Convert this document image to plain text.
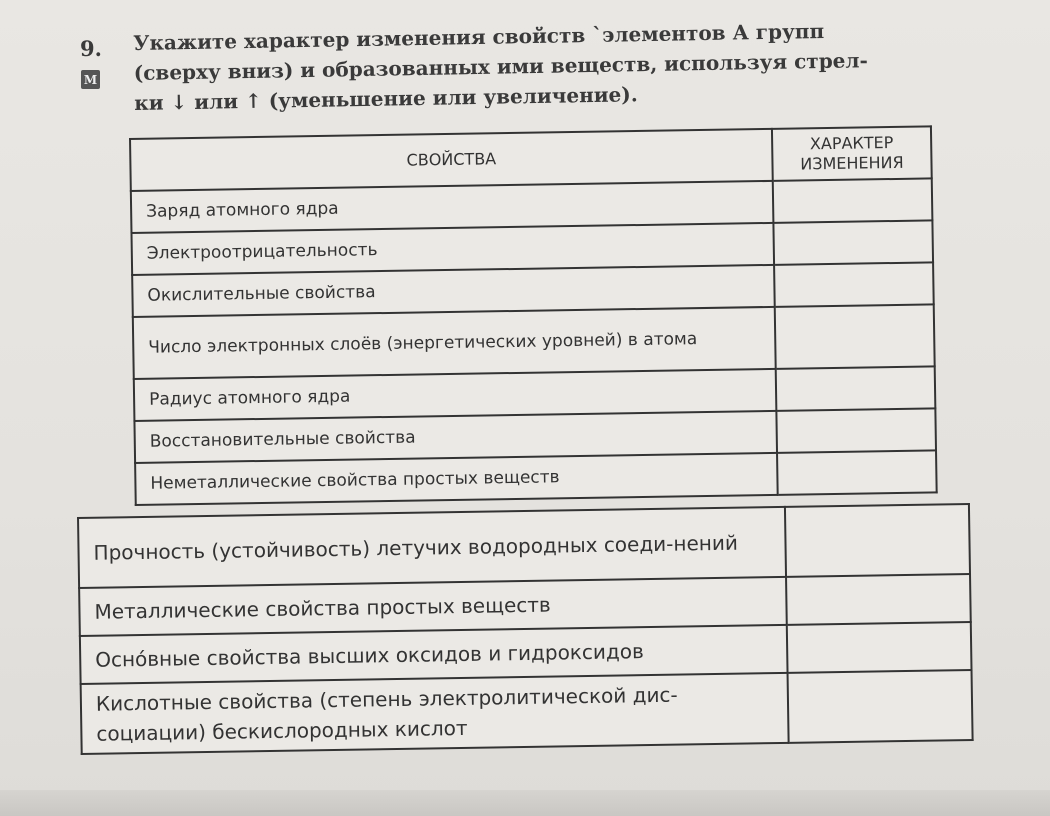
9.
М
Укажите характер изменения свойств `элементов А групп
(сверху вниз) и образованных ими веществ, используя стрел-
ки ↓ или ↑ (уменьшение или увеличение).
СВОЙСТВА	ХАРАКТЕР ИЗМЕНЕНИЯ
Заряд атомного ядра	
Электроотрицательность	
Окислительные свойства	
Число электронных слоёв (энергетических уровней) в атома	
Радиус атомного ядра	
Восстановительные свойства	
Неметаллические свойства простых веществ	
Прочность (устойчивость) летучих водородных соеди-нений	
Металлические свойства простых веществ	
Оснóвные свойства высших оксидов и гидроксидов	
Кислотные свойства (степень электролитической дис-социации) бескислородных кислот	
